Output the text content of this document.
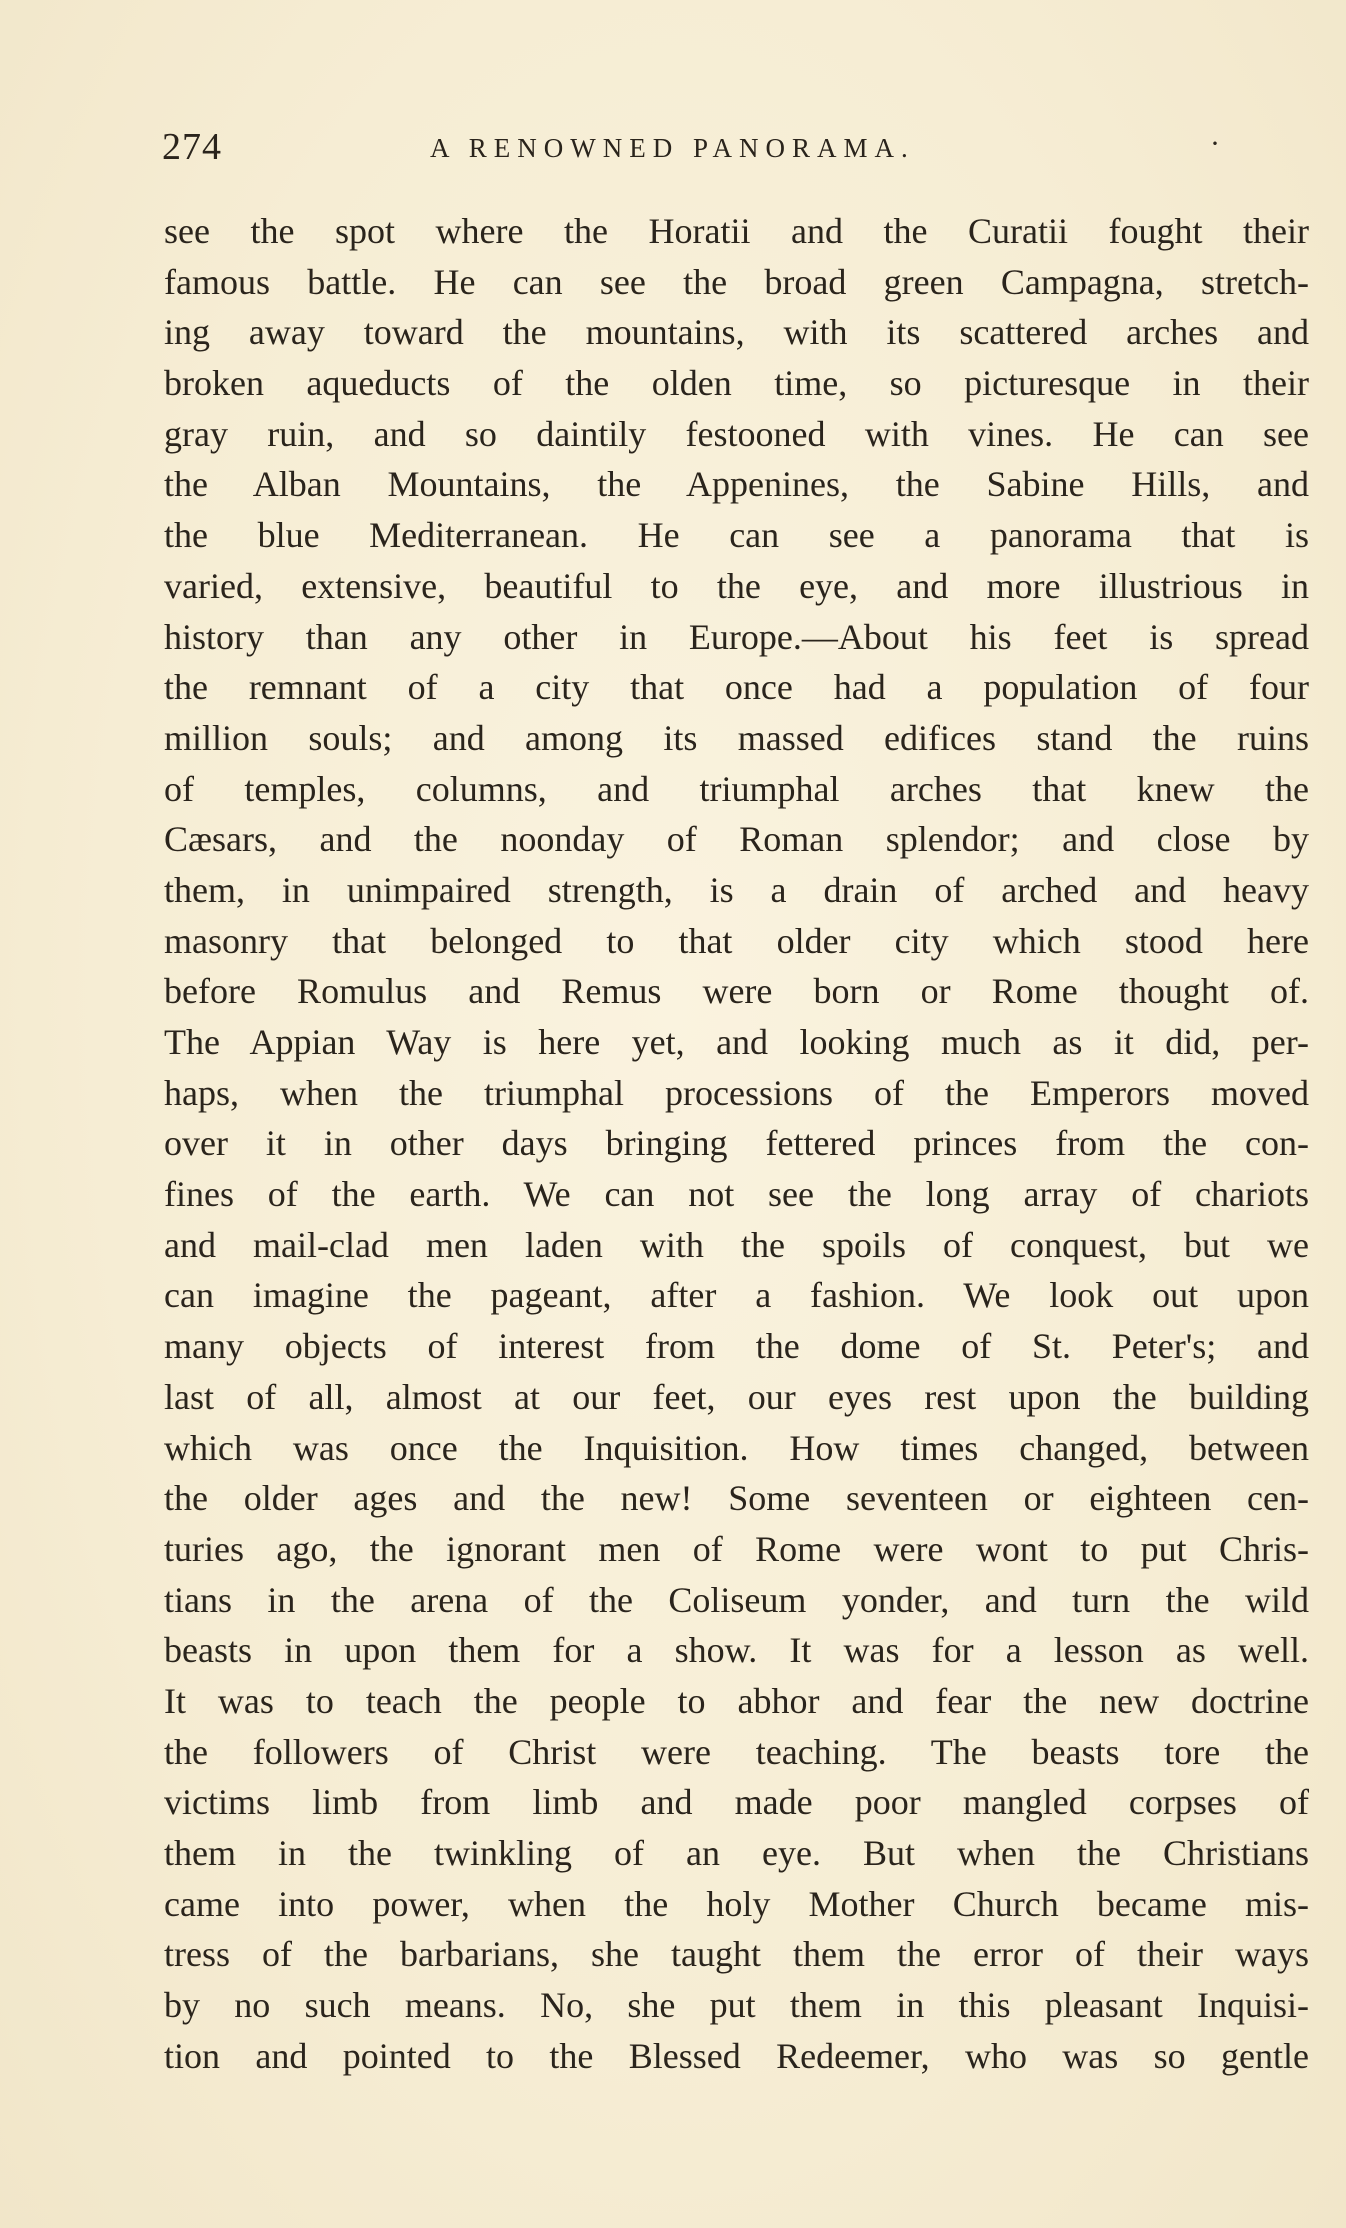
274	A RENOWNED PANORAMA.	·
see the spot where the Horatii and the Curatii fought their
famous battle. He can see the broad green Campagna, stretch-
ing away toward the mountains, with its scattered arches and
broken aqueducts of the olden time, so picturesque in their
gray ruin, and so daintily festooned with vines. He can see
the Alban Mountains, the Appenines, the Sabine Hills, and
the blue Mediterranean. He can see a panorama that is
varied, extensive, beautiful to the eye, and more illustrious in
history than any other in Europe.—About his feet is spread
the remnant of a city that once had a population of four
million souls; and among its massed edifices stand the ruins
of temples, columns, and triumphal arches that knew the
Cæsars, and the noonday of Roman splendor; and close by
them, in unimpaired strength, is a drain of arched and heavy
masonry that belonged to that older city which stood here
before Romulus and Remus were born or Rome thought of.
The Appian Way is here yet, and looking much as it did, per-
haps, when the triumphal processions of the Emperors moved
over it in other days bringing fettered princes from the con-
fines of the earth. We can not see the long array of chariots
and mail-clad men laden with the spoils of conquest, but we
can imagine the pageant, after a fashion. We look out upon
many objects of interest from the dome of St. Peter's; and
last of all, almost at our feet, our eyes rest upon the building
which was once the Inquisition. How times changed, between
the older ages and the new! Some seventeen or eighteen cen-
turies ago, the ignorant men of Rome were wont to put Chris-
tians in the arena of the Coliseum yonder, and turn the wild
beasts in upon them for a show. It was for a lesson as well.
It was to teach the people to abhor and fear the new doctrine
the followers of Christ were teaching. The beasts tore the
victims limb from limb and made poor mangled corpses of
them in the twinkling of an eye. But when the Christians
came into power, when the holy Mother Church became mis-
tress of the barbarians, she taught them the error of their ways
by no such means. No, she put them in this pleasant Inquisi-
tion and pointed to the Blessed Redeemer, who was so gentle
